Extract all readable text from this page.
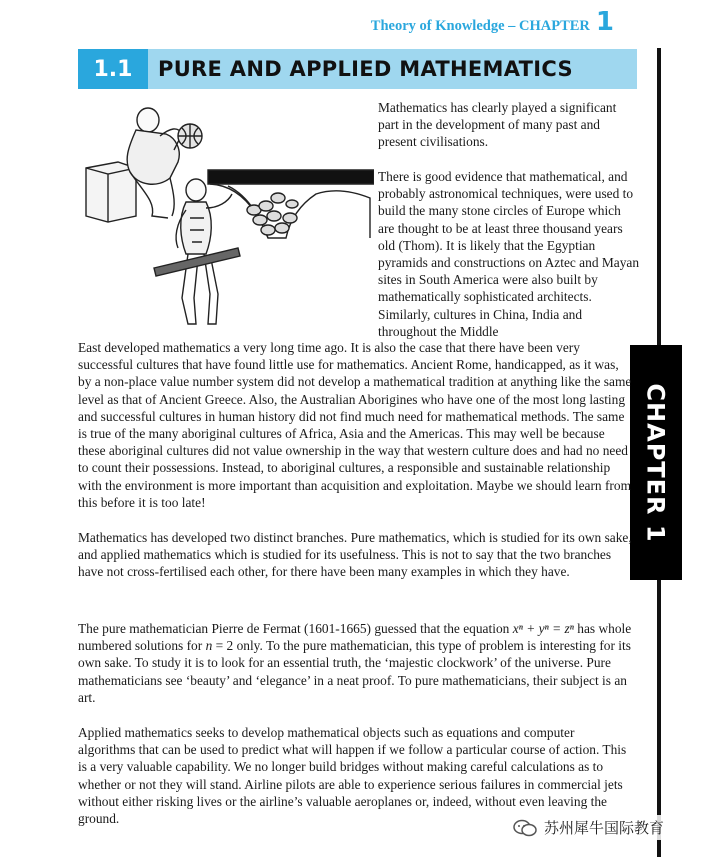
Theory of Knowledge – CHAPTER 1
1.1	PURE AND APPLIED MATHEMATICS
CHAPTER 1

Mathematics has clearly played a significant part in the development of many past and present civilisations.

There is good evidence that mathematical, and probably astronomical techniques, were used to build the many stone circles of Europe which are thought to be at least three thousand years old (Thom). It is likely that the Egyptian pyramids and constructions on Aztec and Mayan sites in South America were also built by mathematically sophisticated architects. Similarly, cultures in China, India and throughout the Middle

East developed mathematics a very long time ago. It is also the case that there have been very successful cultures that have found little use for mathematics. Ancient Rome, handicapped, as it was, by a non-place value number system did not develop a mathematical tradition at anything like the same level as that of Ancient Greece. Also, the Australian Aborigines who have one of the most long lasting and successful cultures in human history did not find much need for mathematical methods. The same is true of the many aboriginal cultures of Africa, Asia and the Americas. This may well be because these aboriginal cultures did not value ownership in the way that western culture does and had no need to count their possessions. Instead, to aboriginal cultures, a responsible and sustainable relationship with the environment is more important than acquisition and exploitation. Maybe we should learn from this before it is too late!

Mathematics has developed two distinct branches. Pure mathematics, which is studied for its own sake, and applied mathematics which is studied for its usefulness. This is not to say that the two branches have not cross-fertilised each other, for there have been many examples in which they have.

The pure mathematician Pierre de Fermat (1601-1665) guessed that the equation xⁿ + yⁿ = zⁿ has whole numbered solutions for n = 2 only. To the pure mathematician, this type of problem is interesting for its own sake. To study it is to look for an essential truth, the ‘majestic clockwork’ of the universe. Pure mathematicians see ‘beauty’ and ‘elegance’ in a neat proof. To pure mathematicians, their subject is an art.

Applied mathematics seeks to develop mathematical objects such as equations and computer algorithms that can be used to predict what will happen if we follow a particular course of action. This is a very valuable capability. We no longer build bridges without making careful calculations as to whether or not they will stand. Airline pilots are able to experience serious failures in commercial jets without either risking lives or the airline’s valuable aeroplanes or, indeed, without even leaving the ground.

苏州犀牛国际教育
